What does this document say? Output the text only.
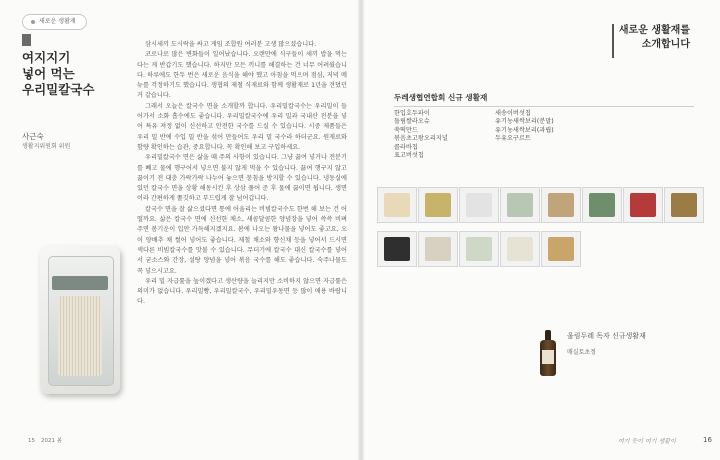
새로운 생활재
여지지기
넣어 먹는
우리밀칼국수
사근숙
생활지위원회 위원

삼시세끼 도시락을 싸고 게임 조합원 여러분 고생 많으셨습니다.

코로나로 많은 변화들이 일어났습니다. 오랜만에 식구들이 세끼 밥을 먹는다는 게 반갑기도 했습니다. 하지만 모든 끼니를 해결하는 건 너무 어려웠습니다. 하루에도 한두 번은 새로운 음식을 해야 했고 아침을 먹으며 점심, 저녁 메뉴를 걱정하기도 했습니다. 생협의 제철 식재료와 함께 생활재로 1년을 견뎠던 거 같습니다.

그래서 오늘은 칼국수 면을 소개할까 합니다. 우리밀칼국수는 우리밀이 들어가서 소화 흡수에도 좋습니다. 우리밀칼국수에 우리 밀과 국내산 전분을 넣어 특유 져정 없이 신선하고 안전한 국수를 드실 수 있습니다. 시중 제품들은 우리 밀 반에 수입 밀 반을 섞어 만들어도 우리 밀 국수라 하더군요. 원재료와 함량 확인하는 습관, 중요합니다. 꼭 확인해 보고 구입하세요.

우리밀칼국수 면은 삶을 때 주의 사항이 있습니다. 그냥 끓여 넣거나 전분기를 빼고 물에 행구어서 넣으면 불지 않게 먹을 수 있습니다. 끓여 행구지 않고 끓이기 전 대충 가락가락 나누어 놓으면 뭉침을 방지할 수 있습니다. 냉동실에 있던 칼국수 면을 상황 해동시킨 후 상삼 풀어 준 후 물에 끓이면 됩니다. 생면이라 간편하게 쫄깃하고 부드럽게 잘 넘어갑니다.

칼국수 면을 잘 삶으셨다면 통에 어울리는 비빔칼국수도 한번 해 보는 건 어떨까요. 삶은 칼국수 면에 신선한 채소, 새콤달콤한 양념장을 넣어 쓱쓱 비벼 주면 봄기운이 입안 가득해지겠지요. 봄에 나오는 왕나물을 넣어도 좋고요, 오이 양배추 채 썰어 넣어도 좋습니다. 제철 채소와 향신채 등을 넣어서 드시면 색다른 비빔칼국수를 맛볼 수 있습니다. 무더기에 칼국수 대신 칼국수를 넣어서 굳소스와 간장, 설탕 양념을 넣어 볶음 국수를 해도 좋습니다. 숙주나물도 꼭 넣으시고요.

우리 밀 자급률을 높이겠다고 생산량을 늘리지만 소비하지 않으면 자급률은 의미가 없습니다. 우리밀빵, 우리밀칼국수, 우리밀우동면 등 많이 애용 바랍니다.

15 2021 봄
새로운 생활재를
소개합니다
두레생협연합회 신규 생활재
한입호두파이
돌림쌀라오슈
쑥떡만드
볶음초고왕오리지널
콜라바칩
표고버섯칩
새송이버섯칩
유기농새싹보리(분말)
유기농새싹보리(과립)
두유요구르트
울림두레 독자 신규생활재
매실토초정
여기 듯이 여기 생활이	16
